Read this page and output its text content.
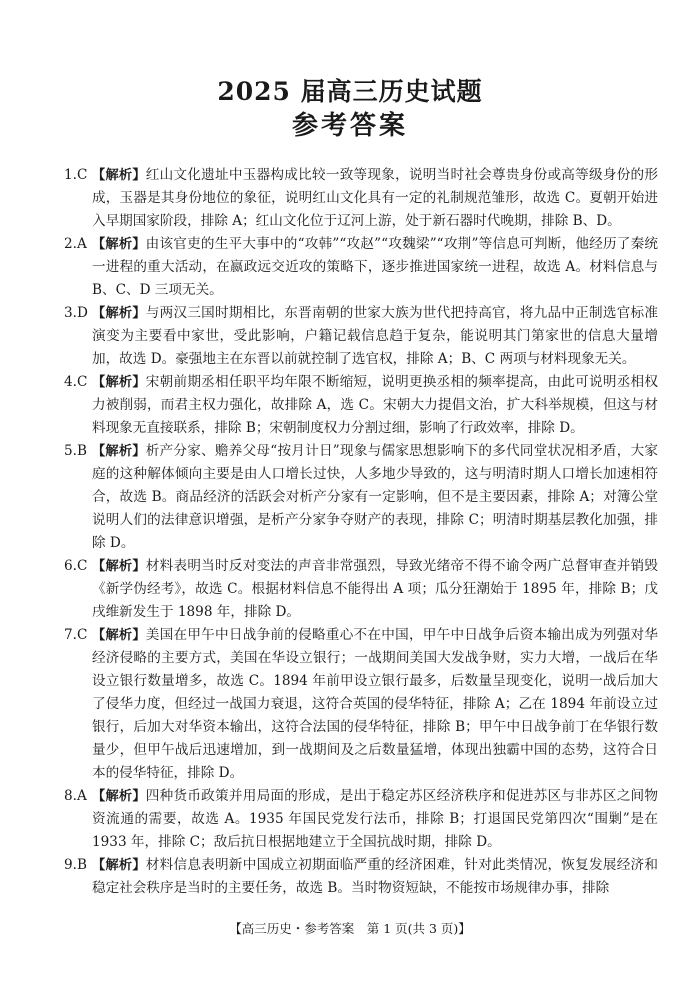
2025 届高三历史试题
参考答案
1.C 【解析】红山文化遗址中玉器构成比较一致等现象，说明当时社会尊贵身份或高等级身份的形成，玉器是其身份地位的象征，说明红山文化具有一定的礼制规范雏形，故选 C。夏朝开始进入早期国家阶段，排除 A；红山文化位于辽河上游，处于新石器时代晚期，排除 B、D。
2.A 【解析】由该官吏的生平大事中的“攻韩”“攻赵”“攻魏梁”“攻荆”等信息可判断，他经历了秦统一进程的重大活动，在嬴政远交近攻的策略下，逐步推进国家统一进程，故选 A。材料信息与 B、C、D 三项无关。
3.D 【解析】与两汉三国时期相比，东晋南朝的世家大族为世代把持高官，将九品中正制选官标准演变为主要看中家世，受此影响，户籍记载信息趋于复杂，能说明其门第家世的信息大量增加，故选 D。豪强地主在东晋以前就控制了选官权，排除 A；B、C 两项与材料现象无关。
4.C 【解析】宋朝前期丞相任职平均年限不断缩短，说明更换丞相的频率提高，由此可说明丞相权力被削弱，而君主权力强化，故排除 A，选 C。宋朝大力提倡文治，扩大科举规模，但这与材料现象无直接联系，排除 B；宋朝制度权力分割过细，影响了行政效率，排除 D。
5.B 【解析】析产分家、赡养父母“按月计日”现象与儒家思想影响下的多代同堂状况相矛盾，大家庭的这种解体倾向主要是由人口增长过快，人多地少导致的，这与明清时期人口增长加速相符合，故选 B。商品经济的活跃会对析产分家有一定影响，但不是主要因素，排除 A；对簿公堂说明人们的法律意识增强，是析产分家争夺财产的表现，排除 C；明清时期基层教化加强，排除 D。
6.C 【解析】材料表明当时反对变法的声音非常强烈，导致光绪帝不得不谕令两广总督审查并销毁《新学伪经考》，故选 C。根据材料信息不能得出 A 项；瓜分狂潮始于 1895 年，排除 B；戊戌维新发生于 1898 年，排除 D。
7.C 【解析】美国在甲午中日战争前的侵略重心不在中国，甲午中日战争后资本输出成为列强对华经济侵略的主要方式，美国在华设立银行；一战期间美国大发战争财，实力大增，一战后在华设立银行数量增多，故选 C。1894 年前甲设立银行最多，后数量呈现变化，说明一战后加大了侵华力度，但经过一战国力衰退，这符合英国的侵华特征，排除 A；乙在 1894 年前设立过银行，后加大对华资本输出，这符合法国的侵华特征，排除 B；甲午中日战争前丁在华银行数量少，但甲午战后迅速增加，到一战期间及之后数量猛增，体现出独霸中国的态势，这符合日本的侵华特征，排除 D。
8.A 【解析】四种货币政策并用局面的形成，是出于稳定苏区经济秩序和促进苏区与非苏区之间物资流通的需要，故选 A。1935 年国民党发行法币，排除 B；打退国民党第四次“围剿”是在 1933 年，排除 C；敌后抗日根据地建立于全国抗战时期，排除 D。
9.B 【解析】材料信息表明新中国成立初期面临严重的经济困难，针对此类情况，恢复发展经济和稳定社会秩序是当时的主要任务，故选 B。当时物资短缺，不能按市场规律办事，排除
【高三历史・参考答案　第 1 页(共 3 页)】
